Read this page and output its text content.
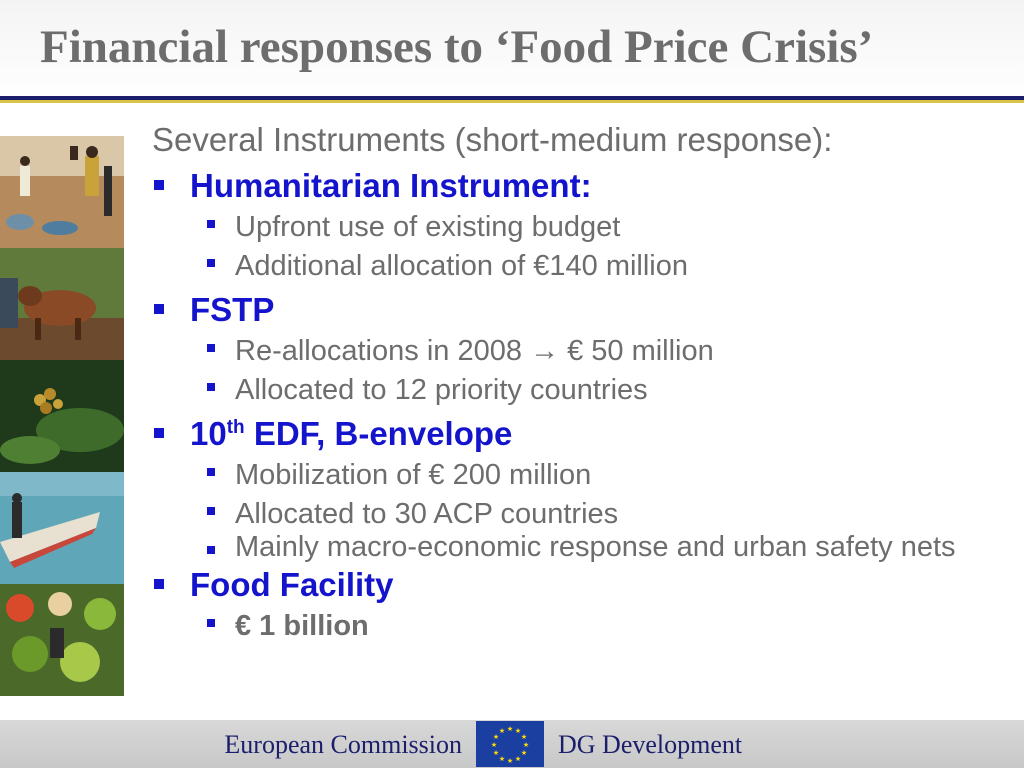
Financial responses to ‘Food Price Crisis’
Several Instruments (short-medium response):
Humanitarian Instrument:
Upfront use of existing budget
Additional allocation of €140 million
FSTP
Re-allocations in 2008 → € 50 million
Allocated to 12 priority countries
10th EDF, B-envelope
Mobilization of € 200 million
Allocated to 30 ACP countries
Mainly macro-economic response and urban safety nets
Food Facility
€ 1 billion
European Commission
★ ★
★
★
★
★
★
★
★
★
★
★ DG Development
